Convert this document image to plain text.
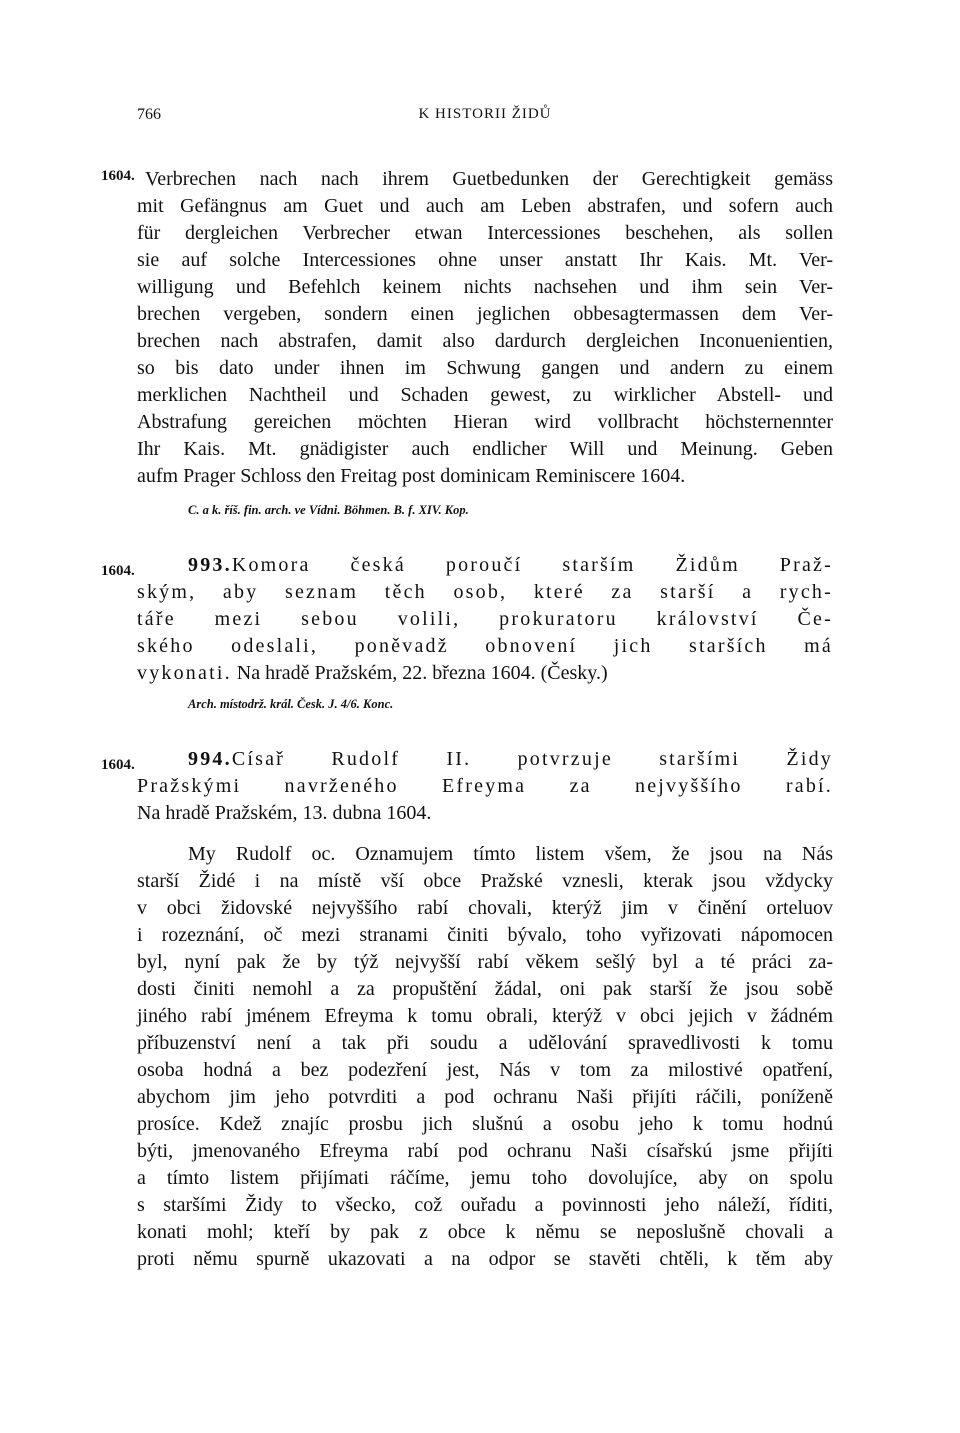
766	K HISTORII ŽIDŮ
1604. Verbrechen nach nach ihrem Guetbedunken der Gerechtigkeit gemäss
mit Gefängnus am Guet und auch am Leben abstrafen, und sofern auch
für dergleichen Verbrecher etwan Intercessiones beschehen, als sollen
sie auf solche Intercessiones ohne unser anstatt Ihr Kais. Mt. Ver-
willigung und Befehlch keinem nichts nachsehen und ihm sein Ver-
brechen vergeben, sondern einen jeglichen obbesagtermassen dem Ver-
brechen nach abstrafen, damit also dardurch dergleichen Inconuenientien,
so bis dato under ihnen im Schwung gangen und andern zu einem
merklichen Nachtheil und Schaden gewest, zu wirklicher Abstell- und
Abstrafung gereichen möchten Hieran wird vollbracht höchsternennter
Ihr Kais. Mt. gnädigister auch endlicher Will und Meinung. Geben
aufm Prager Schloss den Freitag post dominicam Reminiscere 1604.
C. a k. říš. fin. arch. ve Vídni. Böhmen. B. f. XIV. Kop.
1604.	993.Komora česká poroučí starším Židům Praž-
ským, aby seznam těch osob, které za starší a rych-
táře mezi sebou volili, prokuratoru království Če-
ského odeslali, poněvadž obnovení jich starších má
vykonati. Na hradě Pražském, 22. března 1604. (Česky.)
Arch. místodrž. král. Česk. J. 4/6. Konc.
1604.	994.Císař Rudolf II. potvrzuje staršími Židy
Pražskými navrženého Efreyma za nejvyššího rabí.
Na hradě Pražském, 13. dubna 1604.
My Rudolf oc. Oznamujem tímto listem všem, že jsou na Nás
starší Židé i na místě vší obce Pražské vznesli, kterak jsou vždycky
v obci židovské nejvyššího rabí chovali, kterýž jim v činění orteluov
i rozeznání, oč mezi stranami činiti bývalo, toho vyřizovati nápomocen
byl, nyní pak že by týž nejvyšší rabí věkem sešlý byl a té práci za-
dosti činiti nemohl a za propuštění žádal, oni pak starší že jsou sobě
jiného rabí jménem Efreyma k tomu obrali, kterýž v obci jejich v žádném
příbuzenství není a tak při soudu a udělování spravedlivosti k tomu
osoba hodná a bez podezření jest, Nás v tom za milostivé opatření,
abychom jim jeho potvrditi a pod ochranu Naši přijíti ráčili, poníženě
prosíce. Kdež znajíc prosbu jich slušnú a osobu jeho k tomu hodnú
býti, jmenovaného Efreyma rabí pod ochranu Naši císařskú jsme přijíti
a tímto listem přijímati ráčíme, jemu toho dovolujíce, aby on spolu
s staršími Židy to všecko, což ouřadu a povinnosti jeho náleží, říditi,
konati mohl; kteří by pak z obce k němu se neposlušně chovali a
proti němu spurně ukazovati a na odpor se stavěti chtěli, k těm aby
